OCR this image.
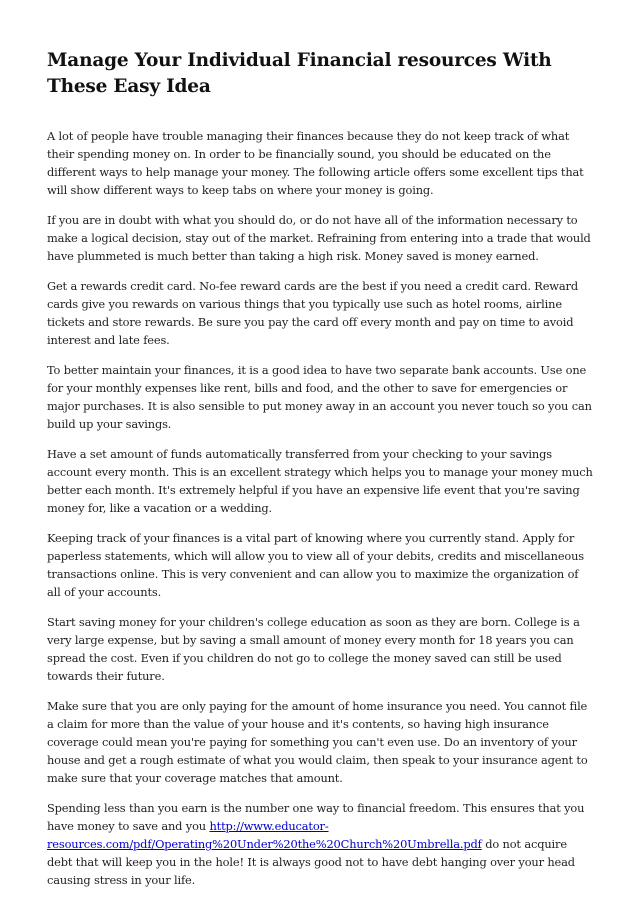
Manage Your Individual Financial resources With These Easy Idea

A lot of people have trouble managing their finances because they do not keep track of what their spending money on. In order to be financially sound, you should be educated on the different ways to help manage your money. The following article offers some excellent tips that will show different ways to keep tabs on where your money is going.

If you are in doubt with what you should do, or do not have all of the information necessary to make a logical decision, stay out of the market. Refraining from entering into a trade that would have plummeted is much better than taking a high risk. Money saved is money earned.

Get a rewards credit card. No-fee reward cards are the best if you need a credit card. Reward cards give you rewards on various things that you typically use such as hotel rooms, airline tickets and store rewards. Be sure you pay the card off every month and pay on time to avoid interest and late fees.

To better maintain your finances, it is a good idea to have two separate bank accounts. Use one for your monthly expenses like rent, bills and food, and the other to save for emergencies or major purchases. It is also sensible to put money away in an account you never touch so you can build up your savings.

Have a set amount of funds automatically transferred from your checking to your savings account every month. This is an excellent strategy which helps you to manage your money much better each month. It's extremely helpful if you have an expensive life event that you're saving money for, like a vacation or a wedding.

Keeping track of your finances is a vital part of knowing where you currently stand. Apply for paperless statements, which will allow you to view all of your debits, credits and miscellaneous transactions online. This is very convenient and can allow you to maximize the organization of all of your accounts.

Start saving money for your children's college education as soon as they are born. College is a very large expense, but by saving a small amount of money every month for 18 years you can spread the cost. Even if you children do not go to college the money saved can still be used towards their future.

Make sure that you are only paying for the amount of home insurance you need. You cannot file a claim for more than the value of your house and it's contents, so having high insurance coverage could mean you're paying for something you can't even use. Do an inventory of your house and get a rough estimate of what you would claim, then speak to your insurance agent to make sure that your coverage matches that amount.

Spending less than you earn is the number one way to financial freedom. This ensures that you have money to save and you http://www.educator-resources.com/pdf/Operating%20Under%20the%20Church%20Umbrella.pdf do not acquire debt that will keep you in the hole! It is always good not to have debt hanging over your head causing stress in your life.
